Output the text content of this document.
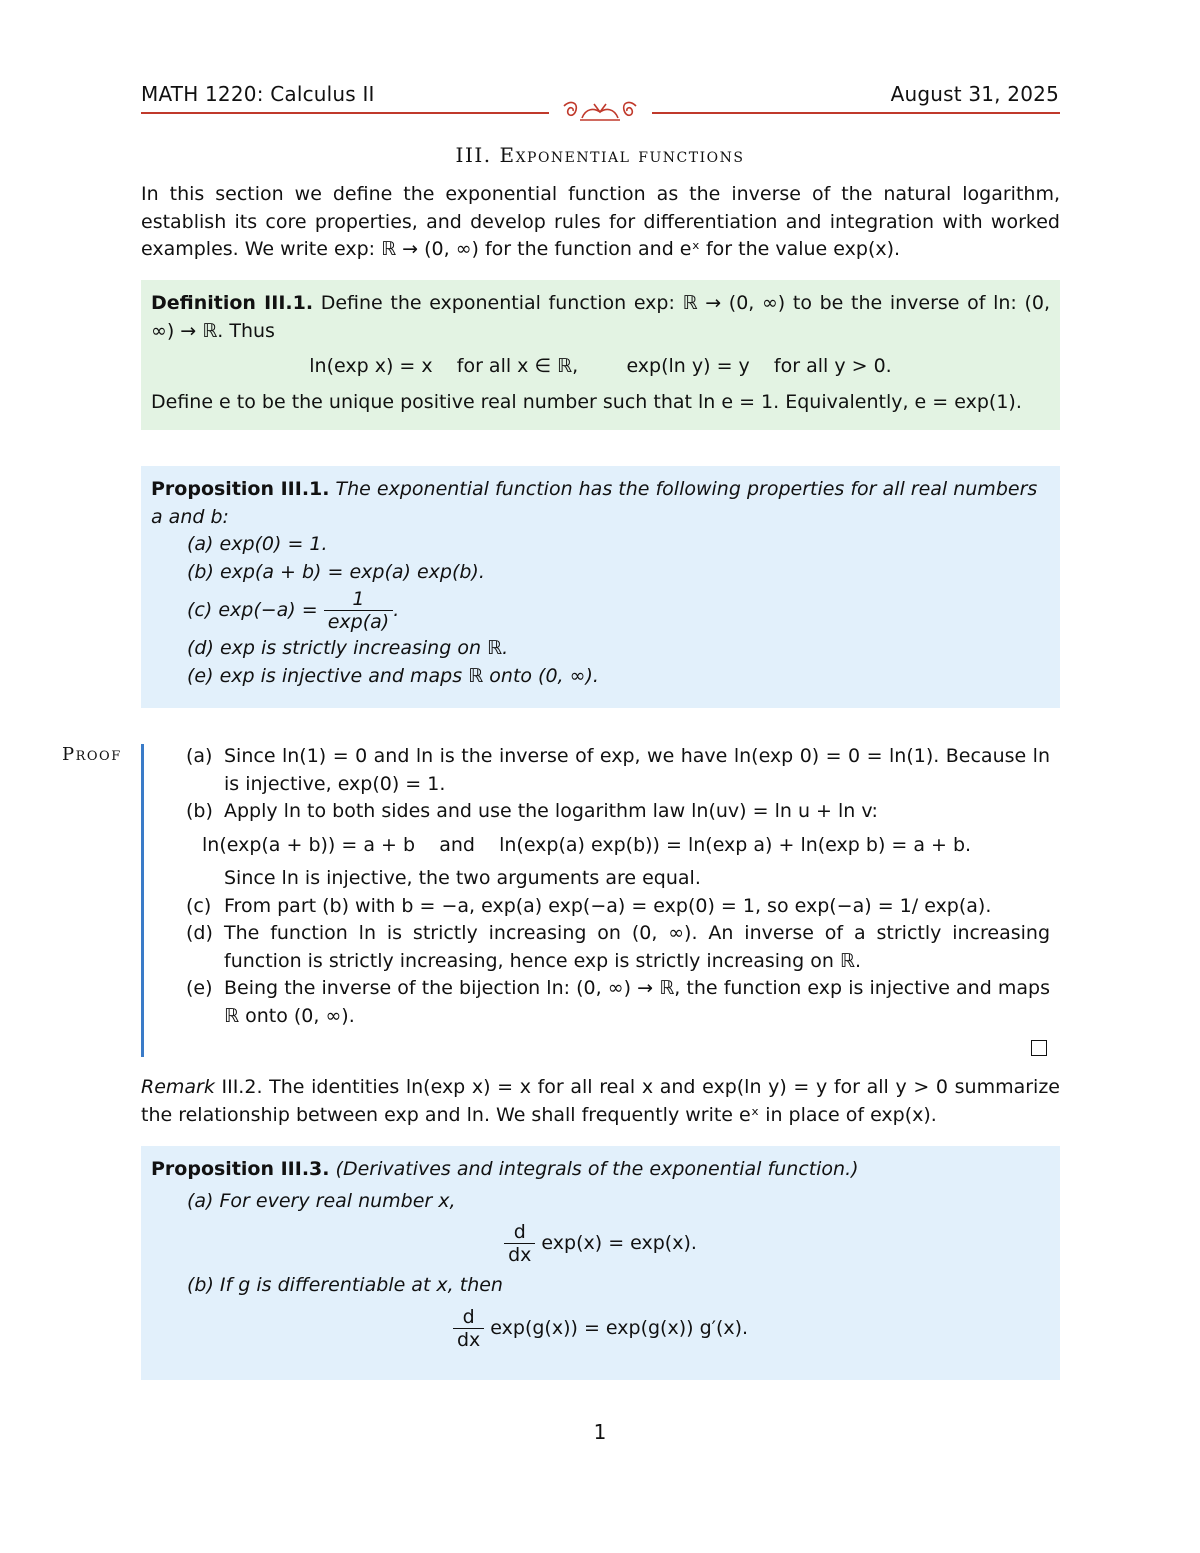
MATH 1220: Calculus II	August 31, 2025
III. Exponential functions
In this section we define the exponential function as the inverse of the natural logarithm, establish its core properties, and develop rules for differentiation and integration with worked examples. We write exp: ℝ → (0, ∞) for the function and eˣ for the value exp(x).
Definition III.1. Define the exponential function exp: ℝ → (0, ∞) to be the inverse of ln: (0, ∞) → ℝ. Thus
ln(exp x) = x    for all x ∈ ℝ,        exp(ln y) = y    for all y > 0.
Define e to be the unique positive real number such that ln e = 1. Equivalently, e = exp(1).
Proposition III.1. The exponential function has the following properties for all real numbers a and b:
(a) exp(0) = 1.
(b) exp(a + b) = exp(a) exp(b).
(c) $\exp(-a) = \frac{1}{\exp(a)}$ .
(d) exp is strictly increasing on ℝ.
(e) exp is injective and maps ℝ onto (0, ∞).
Proof	(a) Since ln(1) = 0 and ln is the inverse of exp, we have ln(exp 0) = 0 = ln(1). Because ln is injective, exp(0) = 1.
(b) Apply ln to both sides and use the logarithm law ln(uv) = ln u + ln v:
ln(exp(a + b)) = a + b    and    ln(exp(a) exp(b)) = ln(exp a) + ln(exp b) = a + b.
Since ln is injective, the two arguments are equal.
(c) From part (b) with b = −a, exp(a) exp(−a) = exp(0) = 1, so exp(−a) = 1/ exp(a).
(d) The function ln is strictly increasing on (0, ∞). An inverse of a strictly increasing function is strictly increasing, hence exp is strictly increasing on ℝ.
(e) Being the inverse of the bijection ln: (0, ∞) → ℝ, the function exp is injective and maps ℝ onto (0, ∞).
Remark III.2. The identities ln(exp x) = x for all real x and exp(ln y) = y for all y > 0 summarize the relationship between exp and ln. We shall frequently write eˣ in place of exp(x).
Proposition III.3. (Derivatives and integrals of the exponential function.)
(a) For every real number x,
$\frac{d}{dx} \exp(x) = \exp(x)$.
(b) If g is differentiable at x, then
$\frac{d}{dx} \exp(g(x)) = \exp(g(x))$ g′(x).
1
